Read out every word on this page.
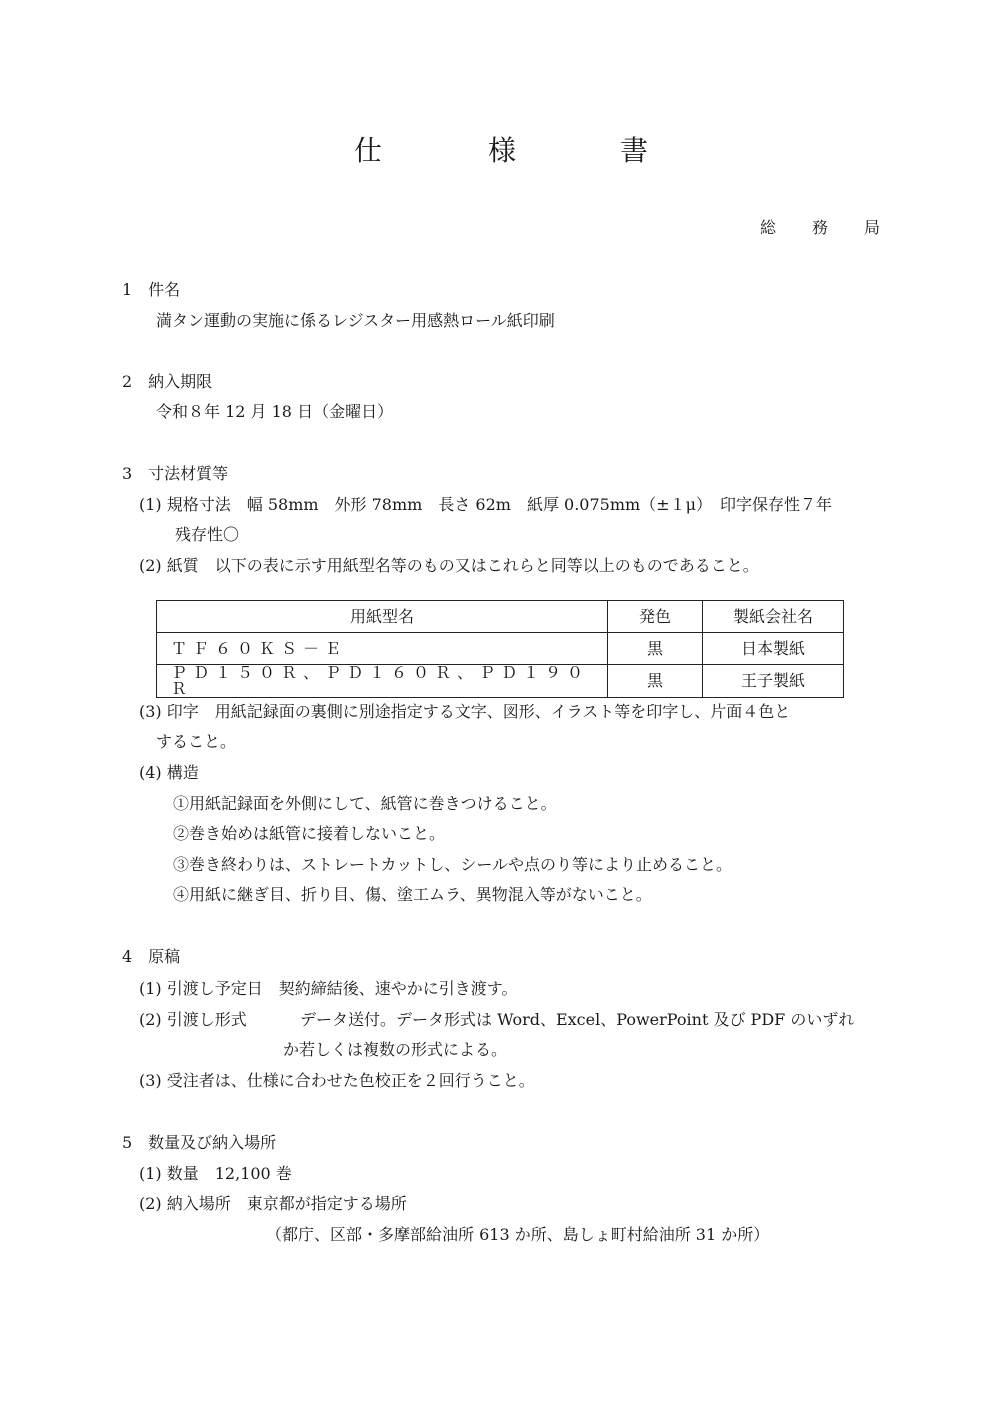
仕	様	書
総 務 局
1　件名
満タン運動の実施に係るレジスター用感熱ロール紙印刷
2　納入期限
令和８年 12 月 18 日（金曜日）
3　寸法材質等
(1) 規格寸法　幅 58mm　外形 78mm　長さ 62m　紙厚 0.075mm（±１μ）　印字保存性７年
残存性〇
(2) 紙質　以下の表に示す用紙型名等のもの又はこれらと同等以上のものであること。
用紙型名	発色	製紙会社名
ＴＦ６０ＫＳ－Ｅ	黒	日本製紙
ＰＤ１５０Ｒ、ＰＤ１６０Ｒ、ＰＤ１９０Ｒ	黒	王子製紙
(3) 印字　用紙記録面の裏側に別途指定する文字、図形、イラスト等を印字し、片面４色と
すること。
(4) 構造
①用紙記録面を外側にして、紙管に巻きつけること。
②巻き始めは紙管に接着しないこと。
③巻き終わりは、ストレートカットし、シールや点のり等により止めること。
④用紙に継ぎ目、折り目、傷、塗工ムラ、異物混入等がないこと。
4　原稿
(1) 引渡し予定日　契約締結後、速やかに引き渡す。
(2) 引渡し形式	データ送付。データ形式は Word、Excel、PowerPoint 及び PDF のいずれ
か若しくは複数の形式による。
(3) 受注者は、仕様に合わせた色校正を２回行うこと。
5　数量及び納入場所
(1) 数量　12,100 巻
(2) 納入場所　東京都が指定する場所
（都庁、区部・多摩部給油所 613 か所、島しょ町村給油所 31 か所）
